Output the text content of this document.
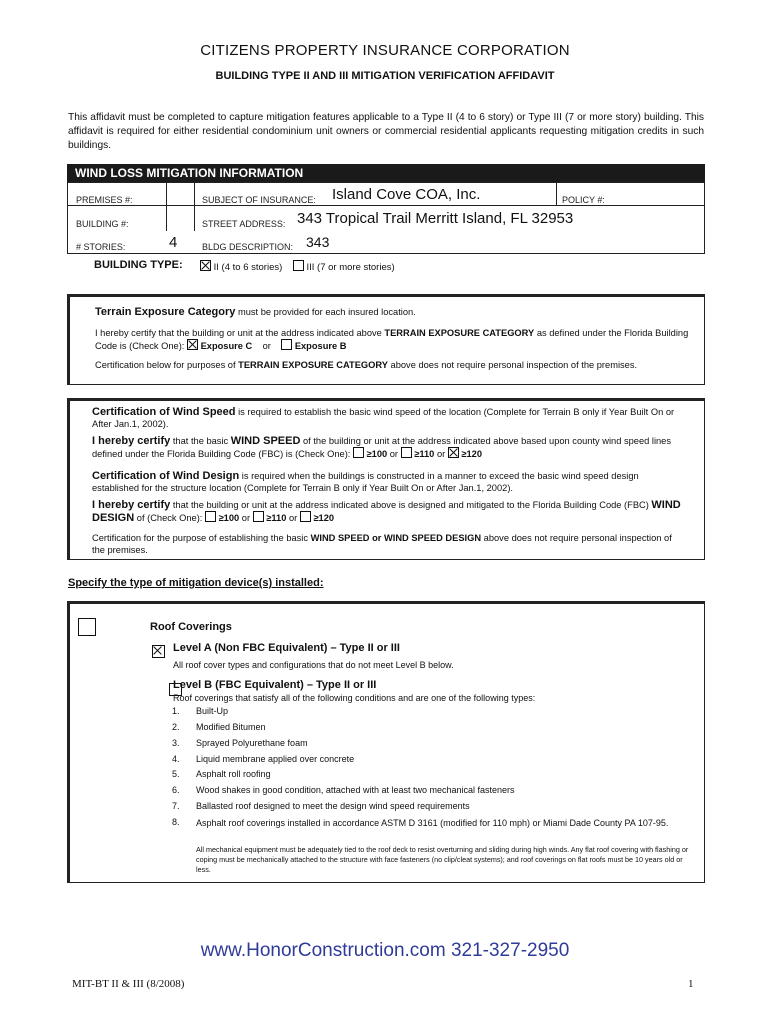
CITIZENS PROPERTY INSURANCE CORPORATION
BUILDING TYPE II AND III MITIGATION VERIFICATION AFFIDAVIT
This affidavit must be completed to capture mitigation features applicable to a Type II (4 to 6 story) or Type III (7 or more story) building. This affidavit is required for either residential condominium unit owners or commercial residential applicants requesting mitigation credits in such buildings.
WIND LOSS MITIGATION INFORMATION
PREMISES #:	SUBJECT OF INSURANCE: Island Cove COA, Inc.	POLICY #:
BUILDING #:	STREET ADDRESS: 343 Tropical Trail Merritt Island, FL 32953
# STORIES:	4	BLDG DESCRIPTION: 343
BUILDING TYPE:	II (4 to 6 stories)	III (7 or more stories)
Terrain Exposure Category must be provided for each insured location.
I hereby certify that the building or unit at the address indicated above TERRAIN EXPOSURE CATEGORY as defined under the Florida Building Code is (Check One):  Exposure C or	Exposure B
Certification below for purposes of TERRAIN EXPOSURE CATEGORY above does not require personal inspection of the premises.
Certification of Wind Speed is required to establish the basic wind speed of the location (Complete for Terrain B only if Year Built On or After Jan.1, 2002).
I hereby certify that the basic WIND SPEED of the building or unit at the address indicated above based upon county wind speed lines defined under the Florida Building Code (FBC) is (Check One):  ≥100 or ≥110 or ≥120
Certification of Wind Design is required when the buildings is constructed in a manner to exceed the basic wind speed design established for the structure location (Complete for Terrain B only if Year Built On or After Jan.1, 2002).
I hereby certify that the building or unit at the address indicated above is designed and mitigated to the Florida Building Code (FBC) WIND DESIGN of (Check One):  ≥100 or ≥110 or ≥120
Certification for the purpose of establishing the basic WIND SPEED or WIND SPEED DESIGN above does not require personal inspection of the premises.
Specify the type of mitigation device(s) installed:
Roof Coverings

Level A (Non FBC Equivalent) – Type II or III
All roof cover types and configurations that do not meet Level B below.
Level B (FBC Equivalent) – Type II or III
Roof coverings that satisfy all of the following conditions and are one of the following types:
1. Built-Up
2. Modified Bitumen
3. Sprayed Polyurethane foam
4. Liquid membrane applied over concrete
5. Asphalt roll roofing
6. Wood shakes in good condition, attached with at least two mechanical fasteners
7. Ballasted roof designed to meet the design wind speed requirements
8.	Asphalt roof coverings installed in accordance ASTM D 3161 (modified for 110 mph) or Miami Dade County PA 107-95.
All mechanical equipment must be adequately tied to the roof deck to resist overturning and sliding during high winds. Any flat roof covering with flashing or coping must be mechanically attached to the structure with face fasteners (no clip/cleat systems); and roof coverings on flat roofs must be 10 years old or less.
www.HonorConstruction.com 321-327-2950
MIT-BT II & III (8/2008)	1
